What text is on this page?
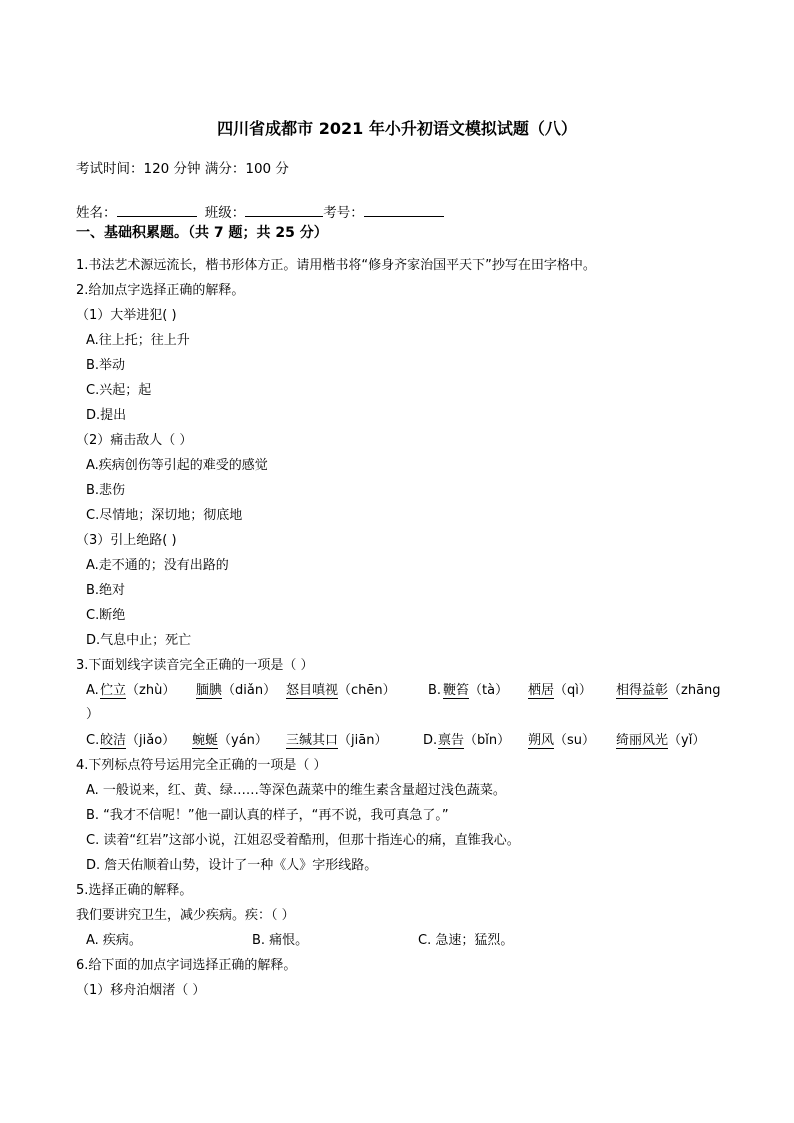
四川省成都市 2021 年小升初语文模拟试题（八）
考试时间：120 分钟 满分：100 分
姓名：	班级：	考号：
一、基础积累题。（共 7 题；共 25 分）
1.书法艺术源远流长，楷书形体方正。请用楷书将“修身齐家治国平天下”抄写在田字格中。
2.给加点字选择正确的解释。
（1）大举进犯( )
A.往上托；往上升
B.举动
C.兴起；起
D.提出
（2）痛击敌人（ ）
A.疾病创伤等引起的难受的感觉
B.悲伤
C.尽情地；深切地；彻底地
（3）引上绝路( )
A.走不通的；没有出路的
B.绝对
C.断绝
D.气息中止；死亡
3.下面划线字读音完全正确的一项是（ ）
A. 伫立（zhù） 腼腆（diǎn） 怒目嗔视（chēn） B. 鞭笞（tà） 栖居（qì） 相得益彰（zhāng
）
C. 皎洁（jiǎo） 蜿蜒（yán） 三缄其口（jiān）	D. 禀告（bǐn） 朔风（su） 绮丽风光（yǐ）
4.下列标点符号运用完全正确的一项是（ ）
A. 一般说来，红、黄、绿……等深色蔬菜中的维生素含量超过浅色蔬菜。
B. “我才不信呢！”他一副认真的样子，“再不说，我可真急了。”
C. 读着“红岩”这部小说，江姐忍受着酷刑，但那十指连心的痛，直锥我心。
D. 詹天佑顺着山势，设计了一种《人》字形线路。
5.选择正确的解释。
我们要讲究卫生，减少疾病。疾：（ ）
A. 疾病。	B. 痛恨。	C. 急速；猛烈。
6.给下面的加点字词选择正确的解释。
（1）移舟泊烟渚（ ）
